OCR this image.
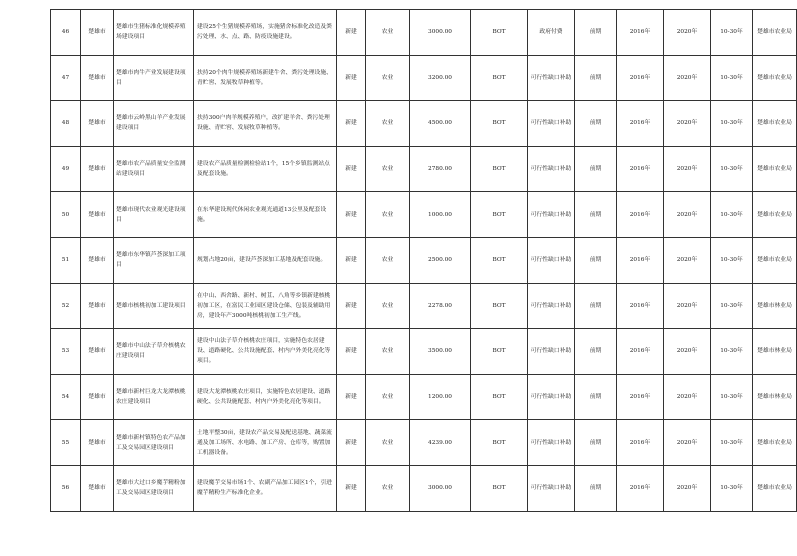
46	楚雄市	楚雄市生猪标准化规模养殖场建设项目	建设25个生猪规模养殖场，实施猪舍标准化改造及粪污处理、水、点、路、防疫设施建设。	新建	农业	3000.00	BOT	政府付费	前期	2016年	2020年	10-30年	楚雄市农业局
47	楚雄市	楚雄市肉牛产业发展建设项目	扶持20个肉牛规模养殖场新建牛舍、粪污处理设施、青贮窖、发展牧草种植等。	新建	农业	3200.00	BOT	可行性缺口补助	前期	2016年	2020年	10-30年	楚雄市农业局
48	楚雄市	楚雄市云岭黑山羊产业发展建设项目	扶持300户肉羊规模养殖户，改扩建羊舍、粪污处理设施、青贮窖、发展牧草种植等。	新建	农业	4500.00	BOT	可行性缺口补助	前期	2016年	2020年	10-30年	楚雄市农业局
49	楚雄市	楚雄市农产品质量安全监测站建设项目	建设农产品质量检测检验站1个，15个乡镇监测站点及配套设施。	新建	农业	2780.00	BOT	可行性缺口补助	前期	2016年	2020年	10-30年	楚雄市农业局
50	楚雄市	楚雄市现代农业观光建设项目	在东华建设现代休闲农业观光通道13公里及配套设施。	新建	农业	1000.00	BOT	可行性缺口补助	前期	2016年	2020年	10-30年	楚雄市农业局
51	楚雄市	楚雄市东华镇芦荟深加工项目	规划占地20亩，建设芦荟深加工基地及配套设施。	新建	农业	2500.00	BOT	可行性缺口补助	前期	2016年	2020年	10-30年	楚雄市农业局
52	楚雄市	楚雄市核桃初加工建设项目	在中山、西舍路、新村、树苴、八角等乡镇新建核桃初加工区，在富民工业园区建设仓储、包装及辅助用房，建设年产3000吨核桃初加工生产线。	新建	农业	2278.00	BOT	可行性缺口补助	前期	2016年	2020年	10-30年	楚雄市林业局
53	楚雄市	楚雄市中山法子草介核桃农庄建设项目	建设中山法子草介核桃农庄项目，实施特色农居建设、道路硬化、公共设施配套、村内户外美化亮化等项目。	新建	农业	3500.00	BOT	可行性缺口补助	前期	2016年	2020年	10-30年	楚雄市林业局
54	楚雄市	楚雄市新村巨龙大龙潭核桃农庄建设项目	建设大龙潭核桃农庄项目，实施特色农居建设、道路硬化、公共设施配套、村内户外美化亮化等项目。	新建	农业	1200.00	BOT	可行性缺口补助	前期	2016年	2020年	10-30年	楚雄市林业局
55	楚雄市	楚雄市新村镇特色农产品加工及交易园区建设项目	土地平整30亩，建设农产品交易及配送基地、蔬菜流通及加工场所、水电路、加工产房、仓库等，购置加工机器设备。	新建	农业	4239.00	BOT	可行性缺口补助	前期	2016年	2020年	10-30年	楚雄市农业局
56	楚雄市	楚雄市大过口乡魔芋精粉加工及交易园区建设项目	建设魔芋交易市场1个、农副产品加工园区1个，引进魔芋精粉生产标准化企业。	新建	农业	3000.00	BOT	可行性缺口补助	前期	2016年	2020年	10-30年	楚雄市农业局
